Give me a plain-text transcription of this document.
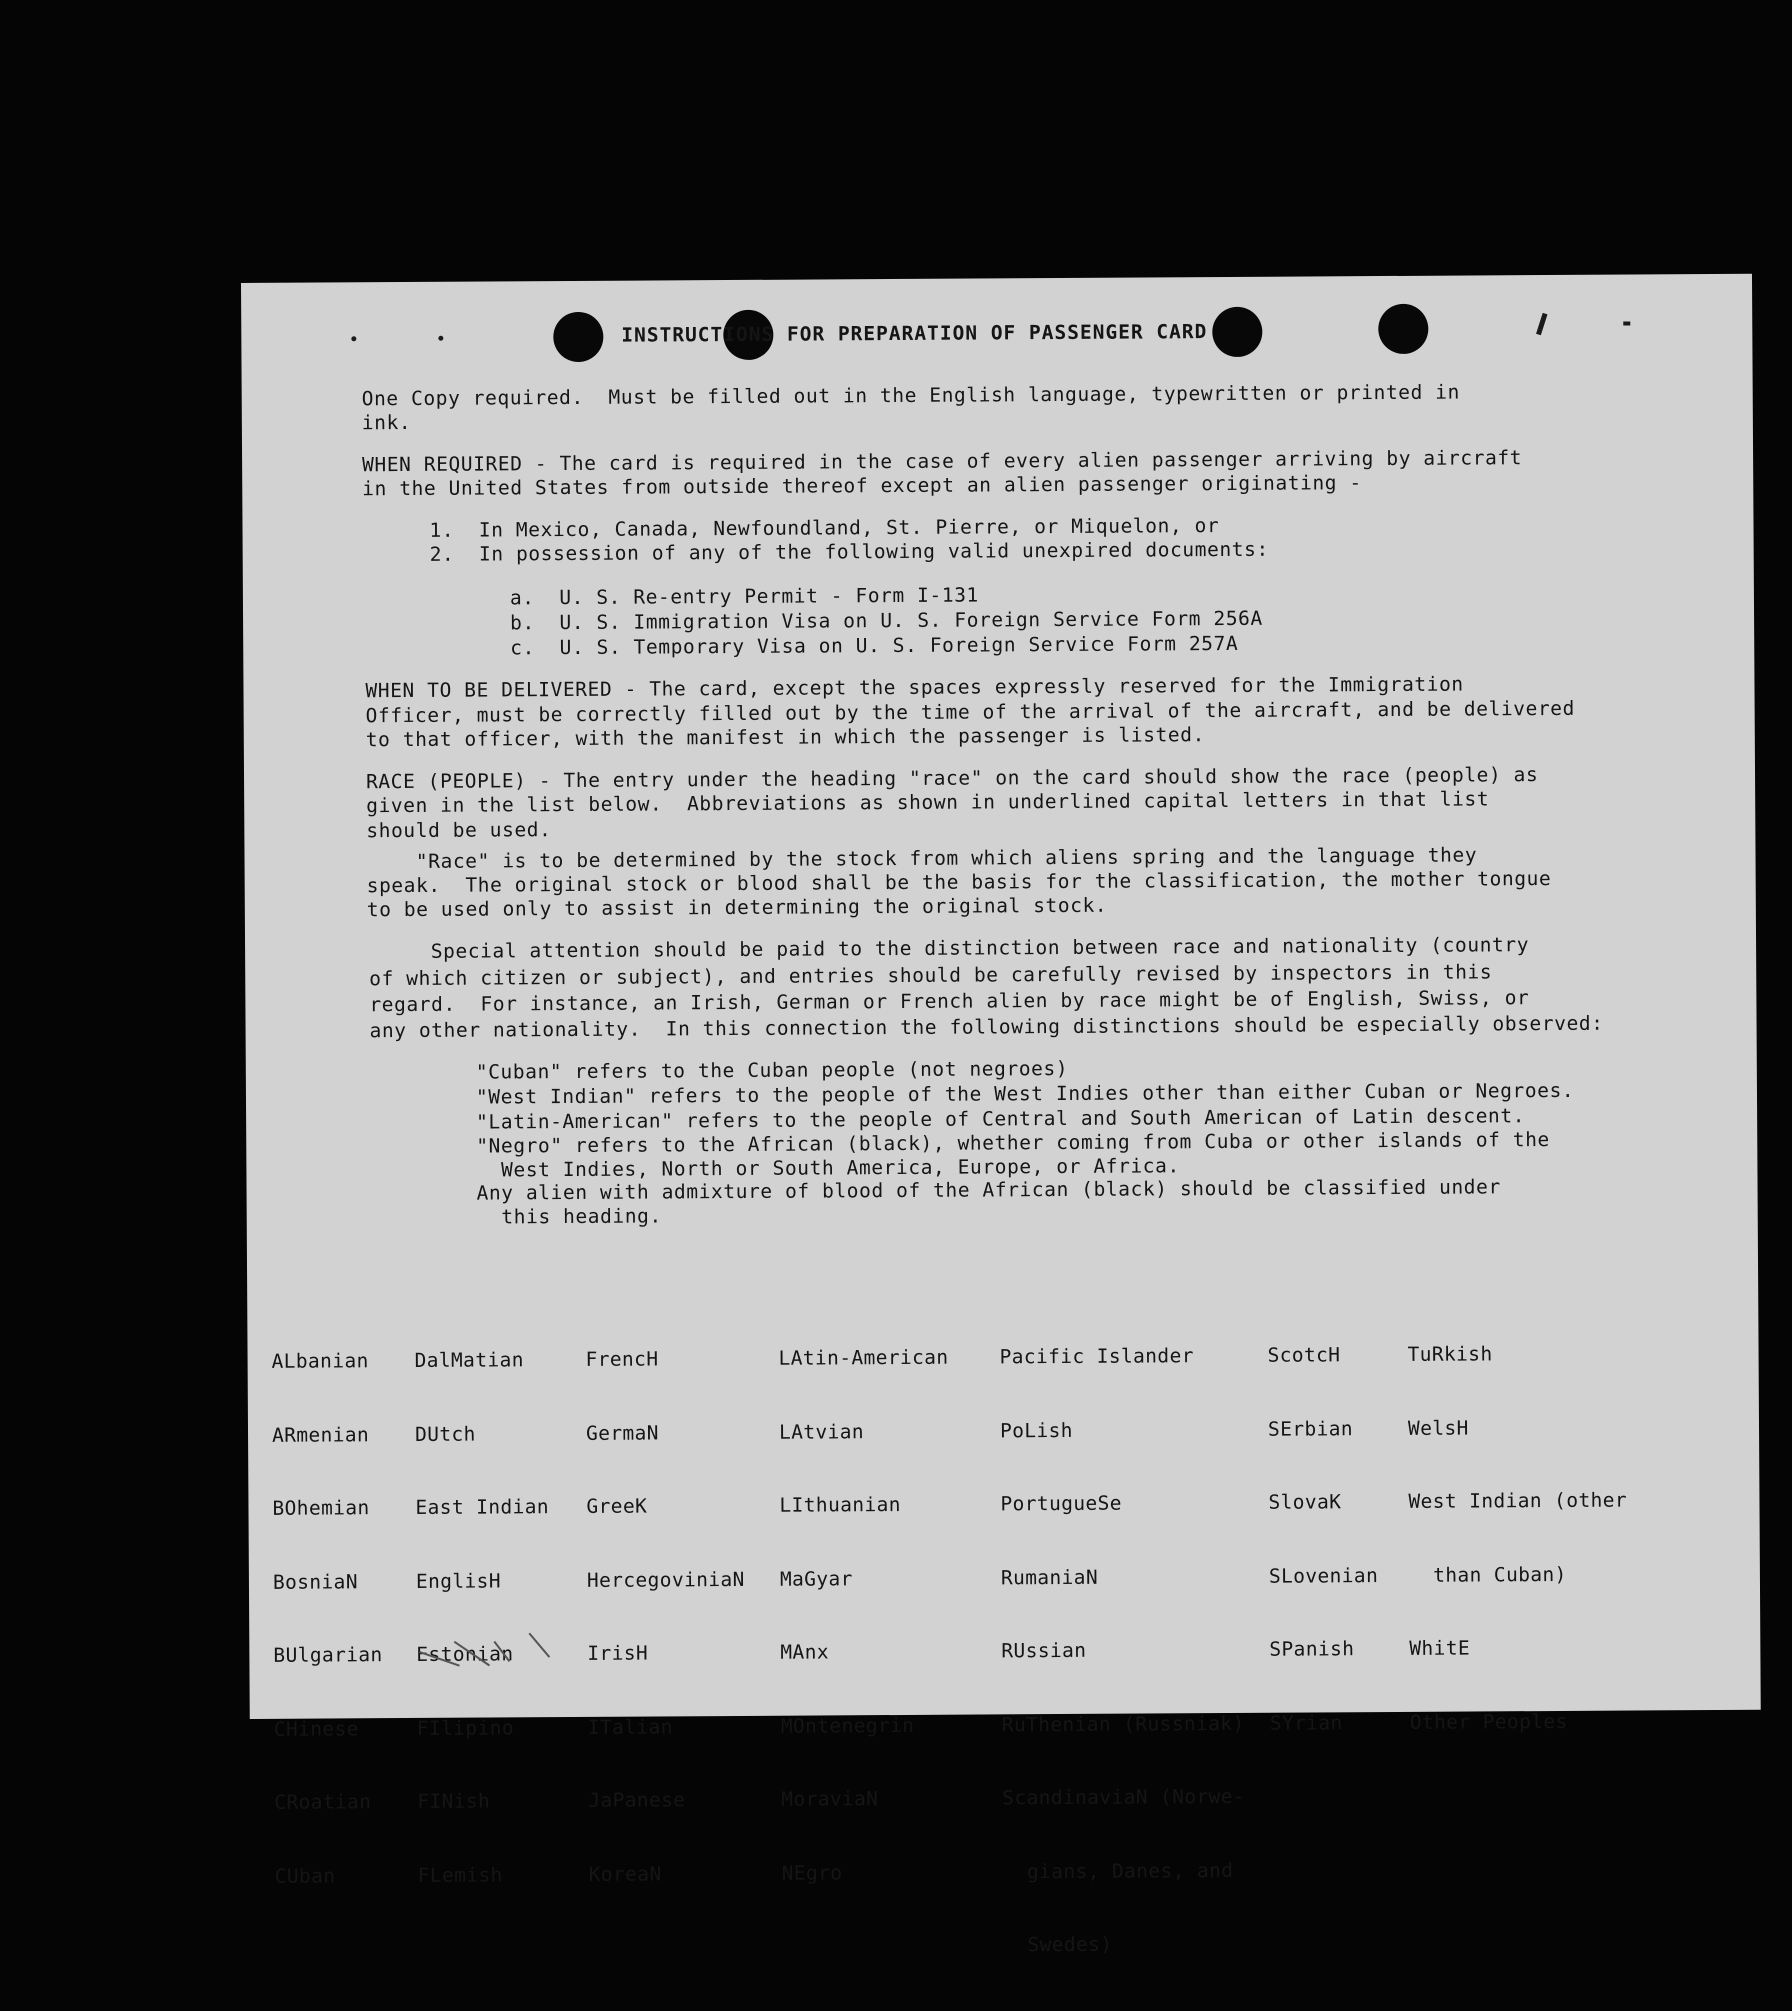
INSTRUCTIONS FOR PREPARATION OF PASSENGER CARD
One Copy required.  Must be filled out in the English language, typewritten or printed in
ink.
WHEN REQUIRED - The card is required in the case of every alien passenger arriving by aircraft
in the United States from outside thereof except an alien passenger originating -
1.  In Mexico, Canada, Newfoundland, St. Pierre, or Miquelon, or
2.  In possession of any of the following valid unexpired documents:
a.  U. S. Re-entry Permit - Form I-131
b.  U. S. Immigration Visa on U. S. Foreign Service Form 256A
c.  U. S. Temporary Visa on U. S. Foreign Service Form 257A
WHEN TO BE DELIVERED - The card, except the spaces expressly reserved for the Immigration
Officer, must be correctly filled out by the time of the arrival of the aircraft, and be delivered
to that officer, with the manifest in which the passenger is listed.
RACE (PEOPLE) - The entry under the heading "race" on the card should show the race (people) as
given in the list below.  Abbreviations as shown in underlined capital letters in that list
should be used.
"Race" is to be determined by the stock from which aliens spring and the language they
speak.  The original stock or blood shall be the basis for the classification, the mother tongue
to be used only to assist in determining the original stock.
Special attention should be paid to the distinction between race and nationality (country
of which citizen or subject), and entries should be carefully revised by inspectors in this
regard.  For instance, an Irish, German or French alien by race might be of English, Swiss, or
any other nationality.  In this connection the following distinctions should be especially observed:
"Cuban" refers to the Cuban people (not negroes)
"West Indian" refers to the people of the West Indies other than either Cuban or Negroes.
"Latin-American" refers to the people of Central and South American of Latin descent.
"Negro" refers to the African (black), whether coming from Cuba or other islands of the
West Indies, North or South America, Europe, or Africa.
Any alien with admixture of blood of the African (black) should be classified under
this heading.

ALbanian

ARmenian

BOhemian

BosniaN

BUlgarian

CHinese

CRoatian

CUban

DalMatian

DUtch

East Indian

EnglisH

Estonian

FIlipino

FINish

FLemish

FrencH

GermaN

GreeK

HercegoviniaN

IrisH

ITalian

JaPanese

KoreaN

LAtin-American

LAtvian

LIthuanian

MaGyar

MAnx

MOntenegrin

MoraviaN

NEgro

Pacific Islander

PoLish

PortugueSe

RumaniaN

RUssian

RuThenian (Russniak)

ScandinaviaN (Norwe-

gians, Danes, and

Swedes)

ScotcH

SErbian

SlovaK

SLovenian

SPanish

SYrian

TuRkish

WelsH

West Indian (other

than Cuban)

WhitE

Other Peoples
